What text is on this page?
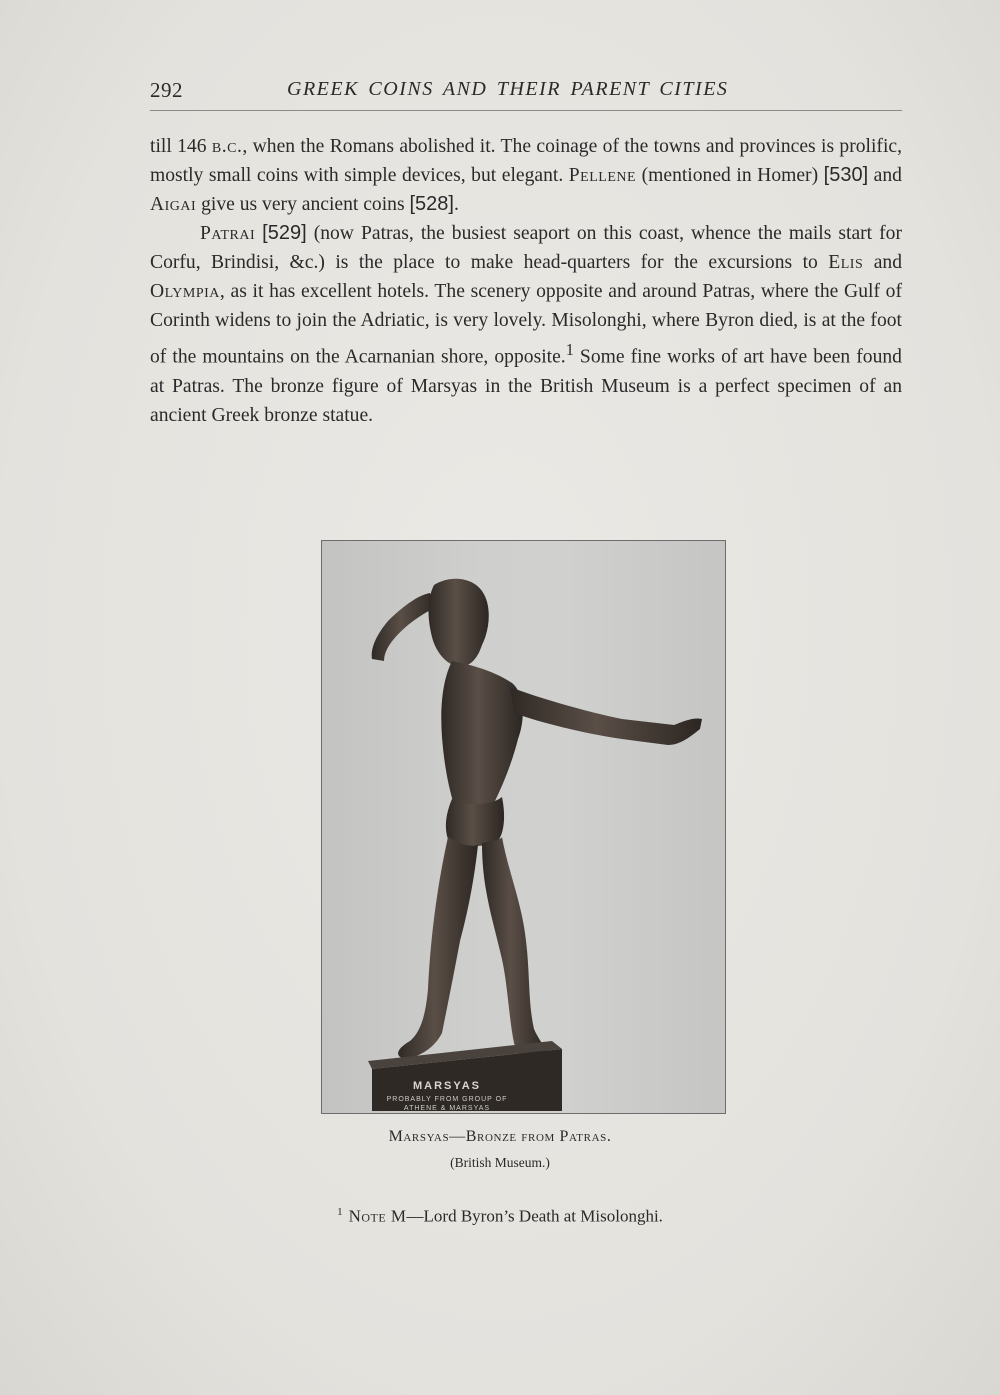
292	GREEK COINS AND THEIR PARENT CITIES

till 146 b.c., when the Romans abolished it. The coinage of the towns and provinces is prolific, mostly small coins with simple devices, but elegant. Pellene (mentioned in Homer) [530] and Aigai give us very ancient coins [528].

Patrai [529] (now Patras, the busiest seaport on this coast, whence the mails start for Corfu, Brindisi, &c.) is the place to make head-quarters for the excursions to Elis and Olympia, as it has excellent hotels. The scenery opposite and around Patras, where the Gulf of Corinth widens to join the Adriatic, is very lovely. Misolonghi, where Byron died, is at the foot of the mountains on the Acarnanian shore, opposite.$^1$ Some fine works of art have been found at Patras. The bronze figure of Marsyas in the British Museum is a perfect specimen of an ancient Greek bronze statue.

MARSYAS
PROBABLY FROM GROUP OF
ATHENE & MARSYAS
Marsyas—Bronze from Patras.
(British Museum.)
$^1$ Note M—Lord Byron’s Death at Misolonghi.
